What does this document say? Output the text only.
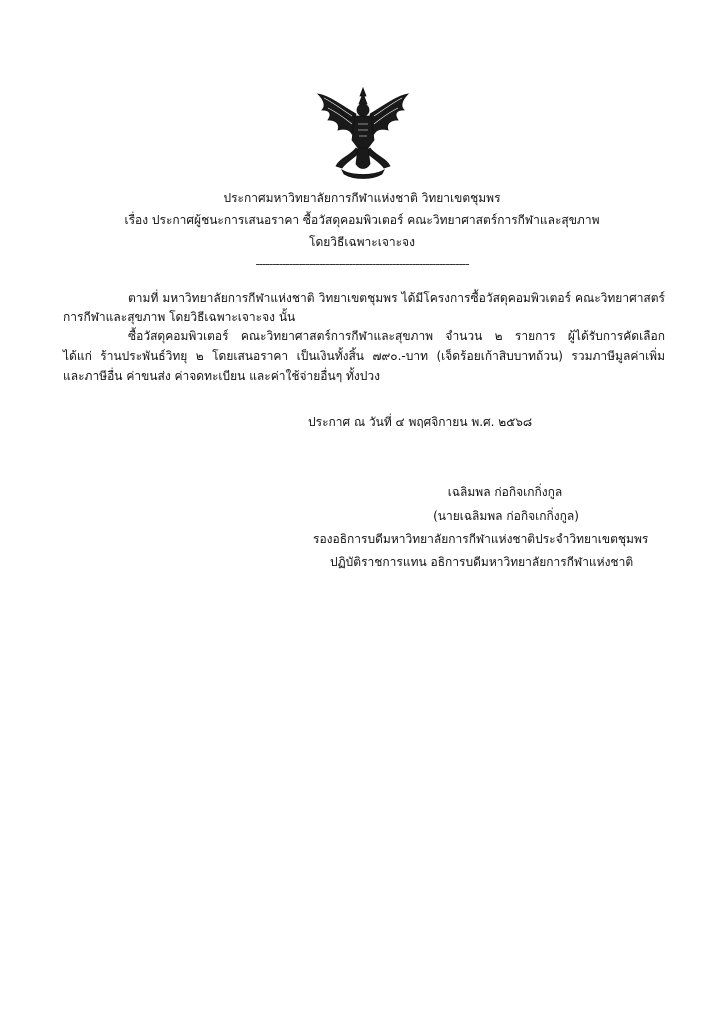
ประกาศมหาวิทยาลัยการกีฬาแห่งชาติ วิทยาเขตชุมพร
เรื่อง ประกาศผู้ชนะการเสนอราคา ซื้อวัสดุคอมพิวเตอร์ คณะวิทยาศาสตร์การกีฬาและสุขภาพ
โดยวิธีเฉพาะเจาะจง
----------------------------------------------------------------
ตามที่ มหาวิทยาลัยการกีฬาแห่งชาติ วิทยาเขตชุมพร ได้มีโครงการซื้อวัสดุคอมพิวเตอร์ คณะวิทยาศาสตร์
การกีฬาและสุขภาพ โดยวิธีเฉพาะเจาะจง นั้น
ซื้อวัสดุคอมพิวเตอร์ คณะวิทยาศาสตร์การกีฬาและสุขภาพ จำนวน ๒ รายการ ผู้ได้รับการคัดเลือก
ได้แก่ ร้านประพันธ์วิทยุ ๒ โดยเสนอราคา เป็นเงินทั้งสิ้น ๗๙๐.-บาท (เจ็ดร้อยเก้าสิบบาทถ้วน) รวมภาษีมูลค่าเพิ่ม
และภาษีอื่น ค่าขนส่ง ค่าจดทะเบียน และค่าใช้จ่ายอื่นๆ ทั้งปวง
ประกาศ ณ วันที่ ๔ พฤศจิกายน พ.ศ. ๒๕๖๘
เฉลิมพล ก่อกิจเกกิ่งกูล
(นายเฉลิมพล ก่อกิจเกกิ่งกูล)
รองอธิการบดีมหาวิทยาลัยการกีฬาแห่งชาติประจำวิทยาเขตชุมพร
ปฏิบัติราชการแทน อธิการบดีมหาวิทยาลัยการกีฬาแห่งชาติ
